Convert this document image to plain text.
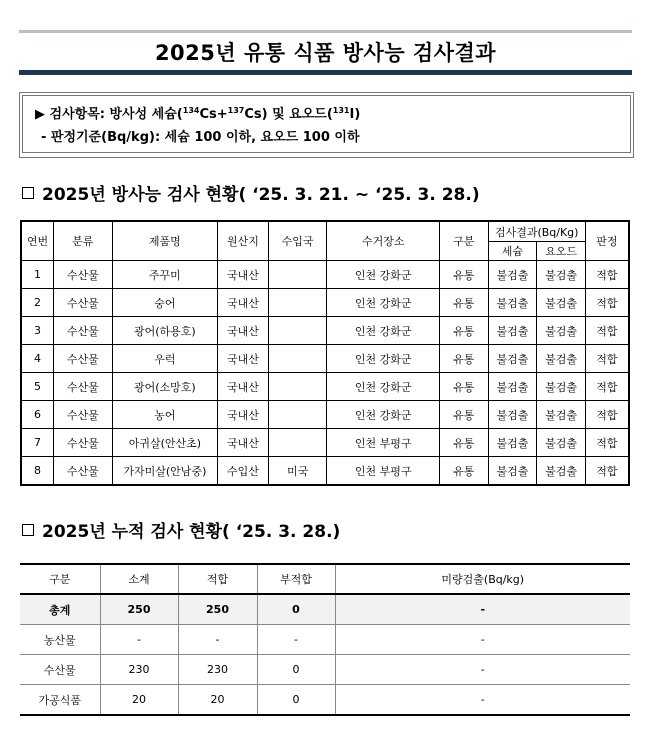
2025년 유통 식품 방사능 검사결과
▶ 검사항목: 방사성 세슘($^{134}$Cs+$^{137}$Cs) 및 요오드($^{131}$I)
- 판정기준(Bq/kg): 세슘 100 이하, 요오드 100 이하
2025년 방사능 검사 현황( ‘25. 3. 21. ~ ‘25. 3. 28.)
연번	분류	제품명	원산지	수입국	수거장소	구분	검사결과(Bq/Kg)		판정
							세슘	요오드	
1	수산물	주꾸미	국내산		인천 강화군	유통	불검출	불검출	적합
2	수산물	숭어	국내산		인천 강화군	유통	불검출	불검출	적합
3	수산물	광어(하용호)	국내산		인천 강화군	유통	불검출	불검출	적합
4	수산물	우럭	국내산		인천 강화군	유통	불검출	불검출	적합
5	수산물	광어(소망호)	국내산		인천 강화군	유통	불검출	불검출	적합
6	수산물	농어	국내산		인천 강화군	유통	불검출	불검출	적합
7	수산물	아귀살(안산초)	국내산		인천 부평구	유통	불검출	불검출	적합
8	수산물	가자미살(안남중)	수입산	미국	인천 부평구	유통	불검출	불검출	적합
2025년 누적 검사 현황( ‘25. 3. 28.)
구분	소계	적합	부적합	미량검출(Bq/kg)
총계	250	250	0	-
농산물	-	-	-	-
수산물	230	230	0	-
가공식품	20	20	0	-
